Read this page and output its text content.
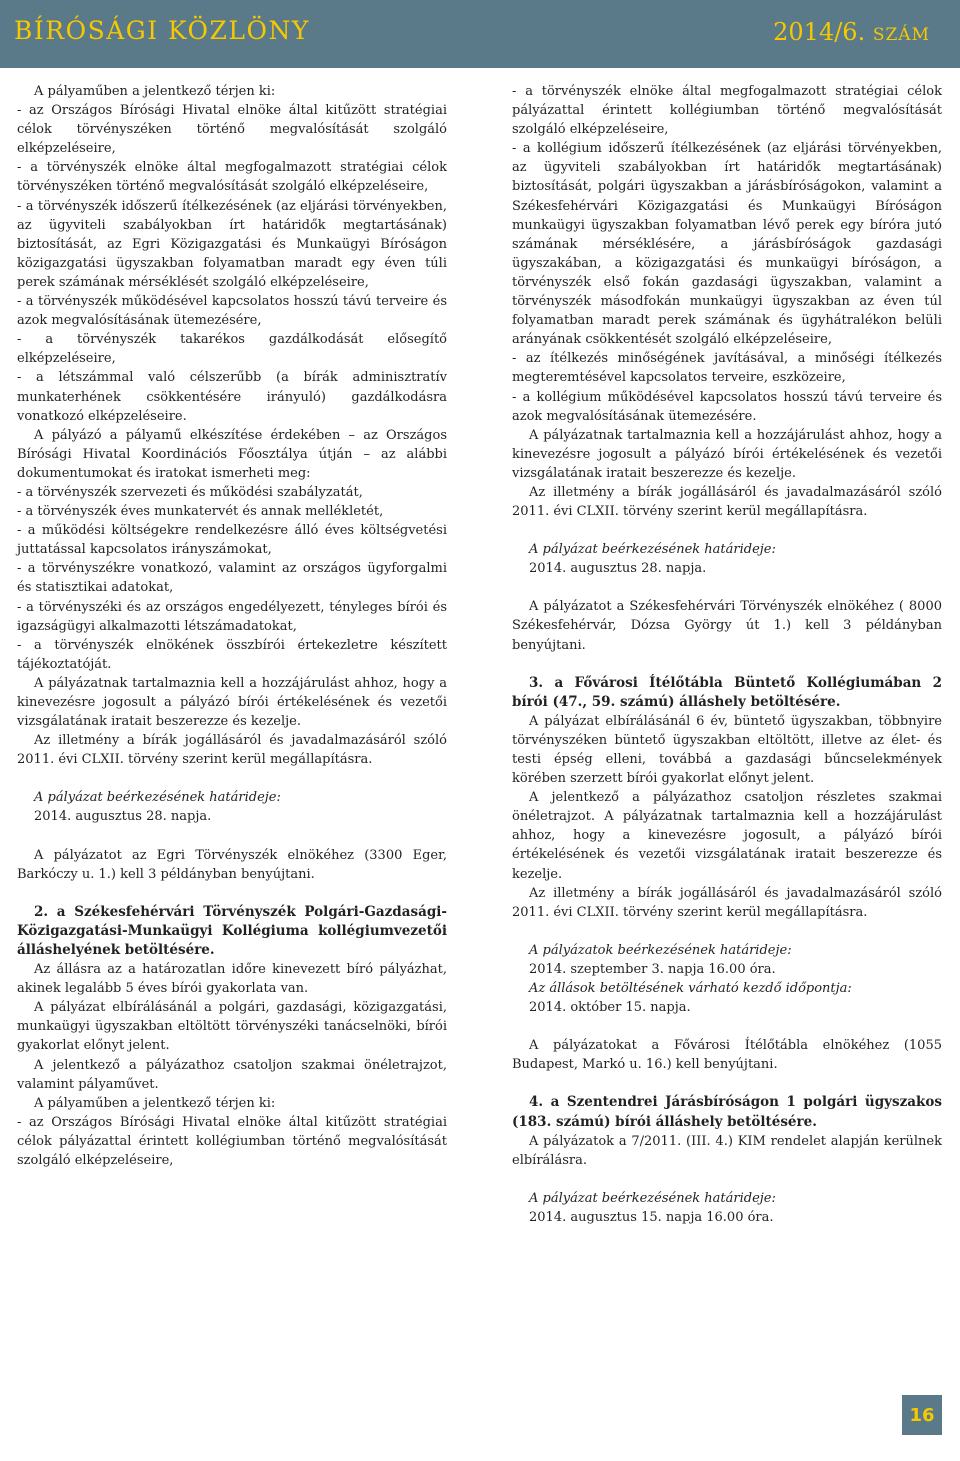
BÍRÓSÁGI KÖZLÖNY	2014/6. SZÁM

A pályaműben a jelentkező térjen ki:

- az Országos Bírósági Hivatal elnöke által kitűzött stratégiai célok törvényszéken történő megvalósítását szolgáló elképzeléseire,

- a törvényszék elnöke által megfogalmazott stratégiai célok törvényszéken történő megvalósítását szolgáló elképzeléseire,

- a törvényszék időszerű ítélkezésének (az eljárási törvényekben, az ügyviteli szabályokban írt határidők megtartásának) biztosítását, az Egri Közigazgatási és Munkaügyi Bíróságon közigazgatási ügyszakban folyamatban maradt egy éven túli perek számának mérséklését szolgáló elképzeléseire,

- a törvényszék működésével kapcsolatos hosszú távú terveire és azok megvalósításának ütemezésére,

- a törvényszék takarékos gazdálkodását elősegítő elképzeléseire,

- a létszámmal való célszerűbb (a bírák adminisztratív munkaterhének csökkentésére irányuló) gazdálkodásra vonatkozó elképzeléseire.

A pályázó a pályamű elkészítése érdekében – az Országos Bírósági Hivatal Koordinációs Főosztálya útján – az alábbi dokumentumokat és iratokat ismerheti meg:

- a törvényszék szervezeti és működési szabályzatát,

- a törvényszék éves munkatervét és annak mellékletét,

- a működési költségekre rendelkezésre álló éves költségvetési juttatással kapcsolatos irányszámokat,

- a törvényszékre vonatkozó, valamint az országos ügyforgalmi és statisztikai adatokat,

- a törvényszéki és az országos engedélyezett, tényleges bírói és igazságügyi alkalmazotti létszámadatokat,

- a törvényszék elnökének összbírói értekezletre készített tájékoztatóját.

A pályázatnak tartalmaznia kell a hozzájárulást ahhoz, hogy a kinevezésre jogosult a pályázó bírói értékelésének és vezetői vizsgálatának iratait beszerezze és kezelje.

Az illetmény a bírák jogállásáról és javadalmazásáról szóló 2011. évi CLXII. törvény szerint kerül megállapításra.

A pályázat beérkezésének határideje:

2014. augusztus 28. napja.

A pályázatot az Egri Törvényszék elnökéhez (3300 Eger, Barkóczy u. 1.) kell 3 példányban benyújtani.

2. a Székesfehérvári Törvényszék Polgári-Gazdasági-Közigazgatási-Munkaügyi Kollégiuma kollégiumvezetői álláshelyének betöltésére.

Az állásra az a határozatlan időre kinevezett bíró pályázhat, akinek legalább 5 éves bírói gyakorlata van.

A pályázat elbírálásánál a polgári, gazdasági, közigazgatási, munkaügyi ügyszakban eltöltött törvényszéki tanácselnöki, bírói gyakorlat előnyt jelent.

A jelentkező a pályázathoz csatoljon szakmai önéletrajzot, valamint pályaművet.

A pályaműben a jelentkező térjen ki:

- az Országos Bírósági Hivatal elnöke által kitűzött stratégiai célok pályázattal érintett kollégiumban történő megvalósítását szolgáló elképzeléseire,

- a törvényszék elnöke által megfogalmazott stratégiai célok pályázattal érintett kollégiumban történő megvalósítását szolgáló elképzeléseire,

- a kollégium időszerű ítélkezésének (az eljárási törvényekben, az ügyviteli szabályokban írt határidők megtartásának) biztosítását, polgári ügyszakban a járásbíróságokon, valamint a Székesfehérvári Közigazgatási és Munkaügyi Bíróságon munkaügyi ügyszakban folyamatban lévő perek egy bíróra jutó számának mérséklésére, a járásbíróságok gazdasági ügyszakában, a közigazgatási és munkaügyi bíróságon, a törvényszék első fokán gazdasági ügyszakban, valamint a törvényszék másodfokán munkaügyi ügyszakban az éven túl folyamatban maradt perek számának és ügyhátralékon belüli arányának csökkentését szolgáló elképzeléseire,

- az ítélkezés minőségének javításával, a minőségi ítélkezés megteremtésével kapcsolatos terveire, eszközeire,

- a kollégium működésével kapcsolatos hosszú távú terveire és azok megvalósításának ütemezésére.

A pályázatnak tartalmaznia kell a hozzájárulást ahhoz, hogy a kinevezésre jogosult a pályázó bírói értékelésének és vezetői vizsgálatának iratait beszerezze és kezelje.

Az illetmény a bírák jogállásáról és javadalmazásáról szóló 2011. évi CLXII. törvény szerint kerül megállapításra.

A pályázat beérkezésének határideje:

2014. augusztus 28. napja.

A pályázatot a Székesfehérvári Törvényszék elnökéhez ( 8000 Székesfehérvár, Dózsa György út 1.) kell 3 példányban benyújtani.

3. a Fővárosi Ítélőtábla Büntető Kollégiumában 2 bírói (47., 59. számú) álláshely betöltésére.

A pályázat elbírálásánál 6 év, büntető ügyszakban, többnyire törvényszéken büntető ügyszakban eltöltött, illetve az élet- és testi épség elleni, továbbá a gazdasági bűncselekmények körében szerzett bírói gyakorlat előnyt jelent.

A jelentkező a pályázathoz csatoljon részletes szakmai önéletrajzot. A pályázatnak tartalmaznia kell a hozzájárulást ahhoz, hogy a kinevezésre jogosult, a pályázó bírói értékelésének és vezetői vizsgálatának iratait beszerezze és kezelje.

Az illetmény a bírák jogállásáról és javadalmazásáról szóló 2011. évi CLXII. törvény szerint kerül megállapításra.

A pályázatok beérkezésének határideje:

2014. szeptember 3. napja 16.00 óra.

Az állások betöltésének várható kezdő időpontja:

2014. október 15. napja.

A pályázatokat a Fővárosi Ítélőtábla elnökéhez (1055 Budapest, Markó u. 16.) kell benyújtani.

4. a Szentendrei Járásbíróságon 1 polgári ügyszakos (183. számú) bírói álláshely betöltésére.

A pályázatok a 7/2011. (III. 4.) KIM rendelet alapján kerülnek elbírálásra.

A pályázat beérkezésének határideje:

2014. augusztus 15. napja 16.00 óra.

16
